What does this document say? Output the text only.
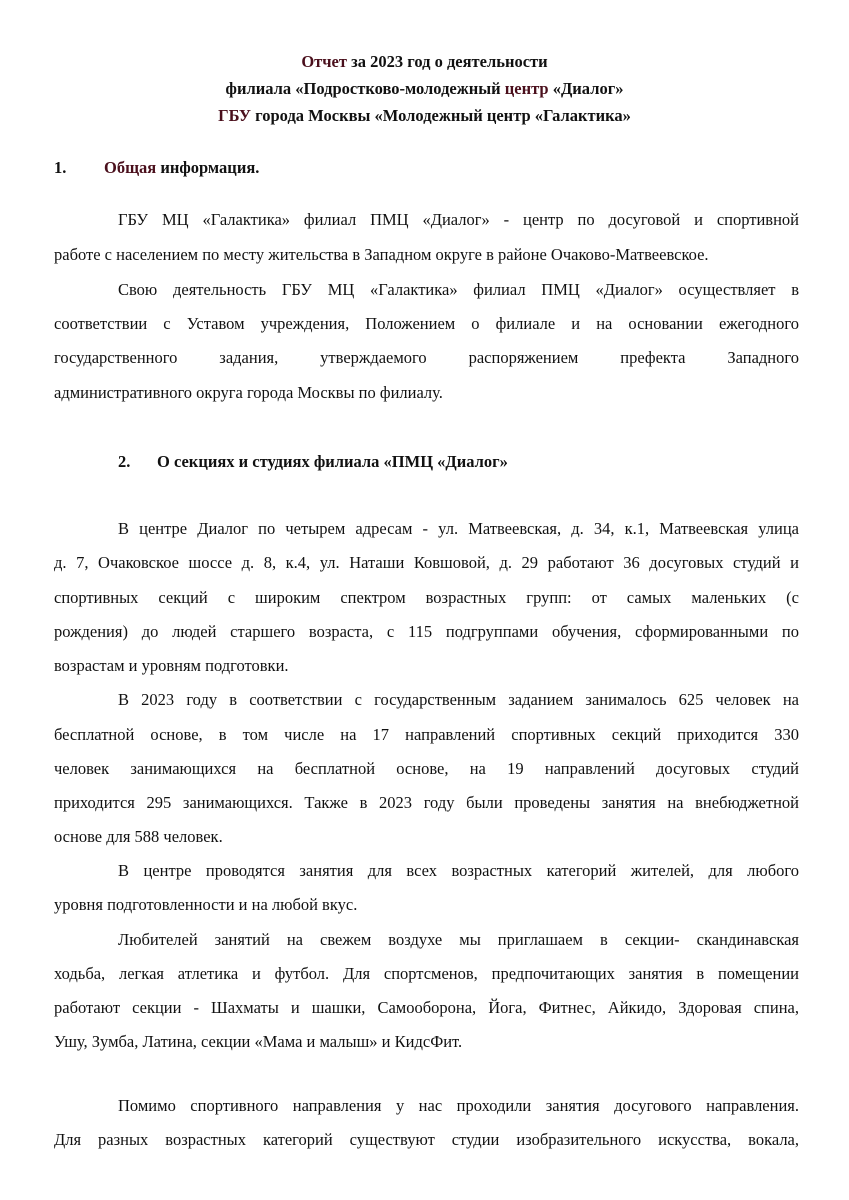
Отчет за 2023 год о деятельности
филиала «Подростково-молодежный центр «Диалог»
ГБУ города Москвы «Молодежный центр «Галактика»
1. Общая информация.
ГБУ МЦ «Галактика» филиал ПМЦ «Диалог» - центр по досуговой и спортивной
работе с населением по месту жительства в Западном округе в районе Очаково-Матвеевское.
Свою деятельность ГБУ МЦ «Галактика» филиал ПМЦ «Диалог» осуществляет в
соответствии с Уставом учреждения, Положением о филиале и на основании ежегодного
государственного задания, утверждаемого распоряжением префекта Западного
административного округа города Москвы по филиалу.
2. О секциях и студиях филиала «ПМЦ «Диалог»
В центре Диалог по четырем адресам - ул. Матвеевская, д. 34, к.1, Матвеевская улица
д. 7, Очаковское шоссе д. 8, к.4, ул. Наташи Ковшовой, д. 29 работают 36 досуговых студий и
спортивных секций с широким спектром возрастных групп: от самых маленьких (с
рождения) до людей старшего возраста, с 115 подгруппами обучения, сформированными по
возрастам и уровням подготовки.
В 2023 году в соответствии с государственным заданием занималось 625 человек на
бесплатной основе, в том числе на 17 направлений спортивных секций приходится 330
человек занимающихся на бесплатной основе, на 19 направлений досуговых студий
приходится 295 занимающихся. Также в 2023 году были проведены занятия на внебюджетной
основе для 588 человек.
В центре проводятся занятия для всех возрастных категорий жителей, для любого
уровня подготовленности и на любой вкус.
Любителей занятий на свежем воздухе мы приглашаем в секции- скандинавская
ходьба, легкая атлетика и футбол. Для спортсменов, предпочитающих занятия в помещении
работают секции - Шахматы и шашки, Самооборона, Йога, Фитнес, Айкидо, Здоровая спина,
Ушу, Зумба, Латина, секции «Мама и малыш» и КидсФит.
Помимо спортивного направления у нас проходили занятия досугового направления.
Для разных возрастных категорий существуют студии изобразительного искусства, вокала,
